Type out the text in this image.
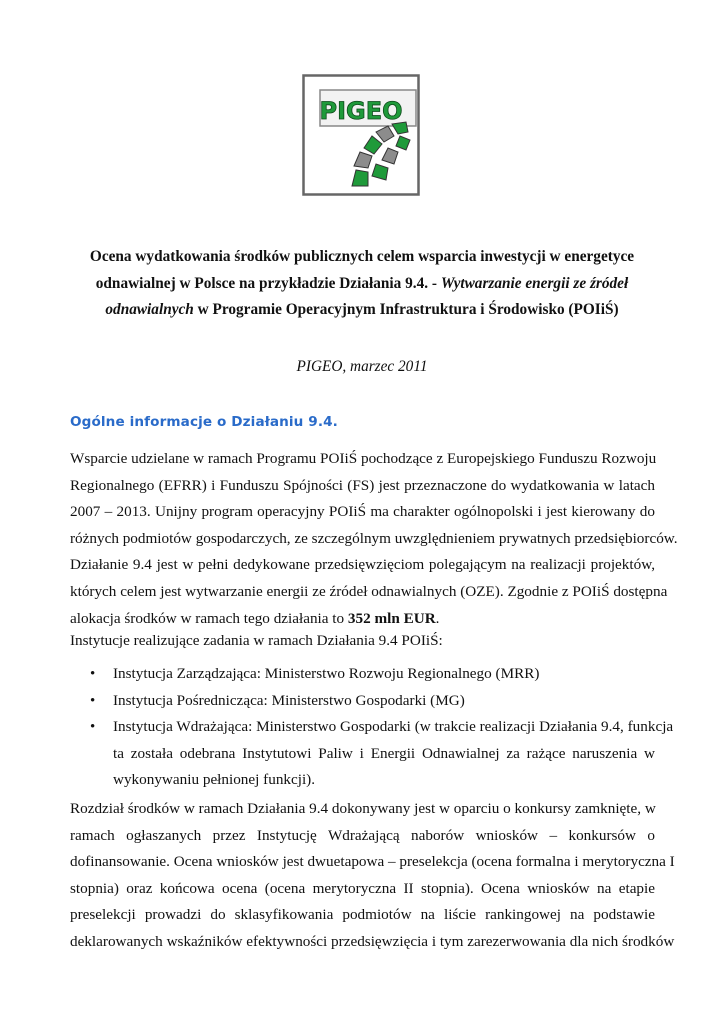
PIGEO
Ocena wydatkowania środków publicznych celem wsparcia inwestycji w energetyce
odnawialnej w Polsce na przykładzie Działania 9.4. - Wytwarzanie energii ze źródeł
odnawialnych w Programie Operacyjnym Infrastruktura i Środowisko (POIiŚ)
PIGEO, marzec 2011
Ogólne informacje o Działaniu 9.4.
Wsparcie udzielane w ramach Programu POIiŚ pochodzące z Europejskiego Funduszu Rozwoju
Regionalnego (EFRR) i Funduszu Spójności (FS) jest przeznaczone do wydatkowania w latach
2007 – 2013. Unijny program operacyjny POIiŚ ma charakter ogólnopolski i jest kierowany do
różnych podmiotów gospodarczych, ze szczególnym uwzględnieniem prywatnych przedsiębiorców.
Działanie 9.4 jest w pełni dedykowane przedsięwzięciom polegającym na realizacji projektów,
których celem jest wytwarzanie energii ze źródeł odnawialnych (OZE). Zgodnie z POIiŚ dostępna
alokacja środków w ramach tego działania to 352 mln EUR.
Instytucje realizujące zadania w ramach Działania 9.4 POIiŚ:
• Instytucja Zarządzająca: Ministerstwo Rozwoju Regionalnego (MRR)
• Instytucja Pośrednicząca: Ministerstwo Gospodarki (MG)
• Instytucja Wdrażająca: Ministerstwo Gospodarki (w trakcie realizacji Działania 9.4, funkcja
ta została odebrana Instytutowi Paliw i Energii Odnawialnej za rażące naruszenia w
wykonywaniu pełnionej funkcji).
Rozdział środków w ramach Działania 9.4 dokonywany jest w oparciu o konkursy zamknięte, w
ramach ogłaszanych przez Instytucję Wdrażającą naborów wniosków – konkursów o
dofinansowanie. Ocena wniosków jest dwuetapowa – preselekcja (ocena formalna i merytoryczna I
stopnia) oraz końcowa ocena (ocena merytoryczna II stopnia). Ocena wniosków na etapie
preselekcji prowadzi do sklasyfikowania podmiotów na liście rankingowej na podstawie
deklarowanych wskaźników efektywności przedsięwzięcia i tym zarezerwowania dla nich środków
